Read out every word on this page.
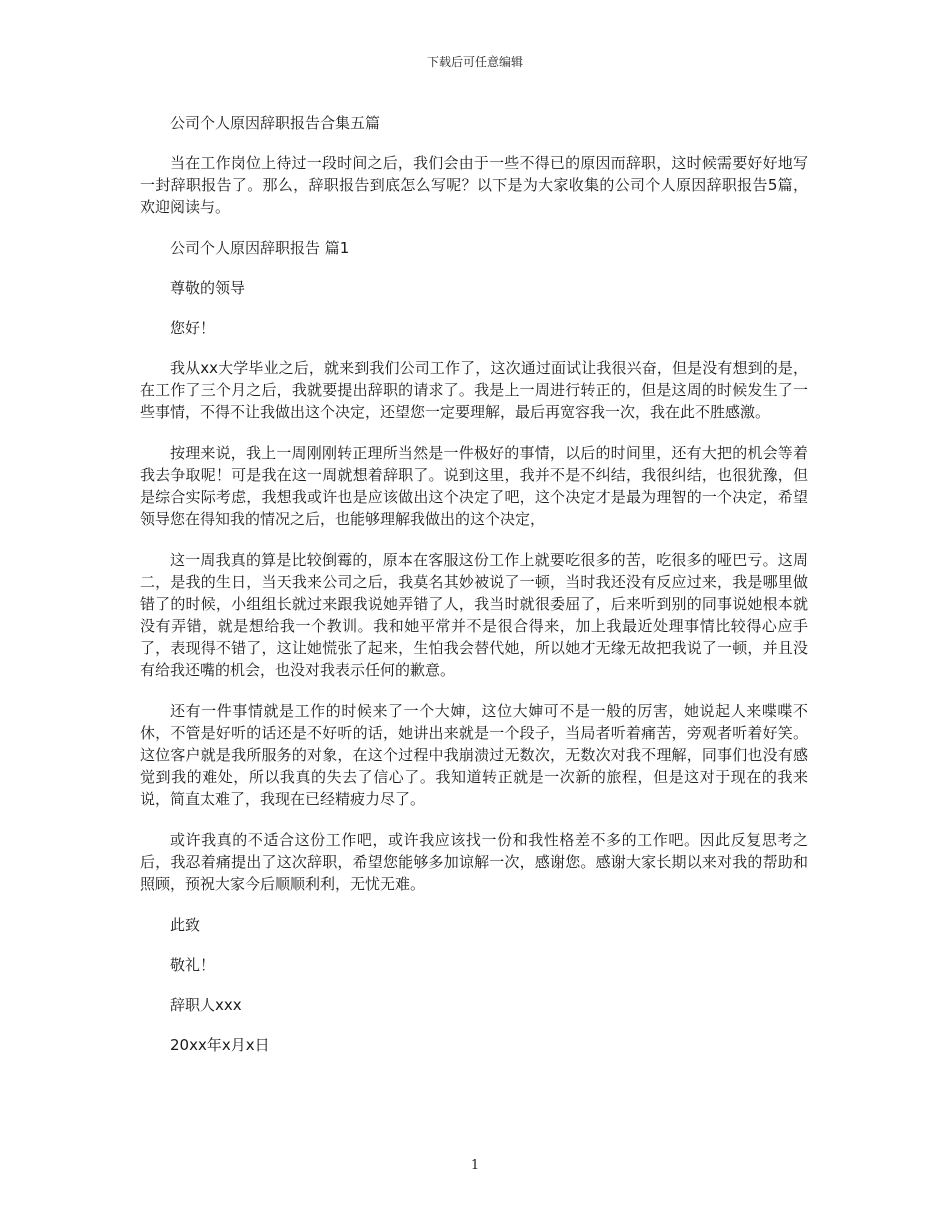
下载后可任意编辑

公司个人原因辞职报告合集五篇

当在工作岗位上待过一段时间之后，我们会由于一些不得已的原因而辞职，这时候需要好好地写一封辞职报告了。那么，辞职报告到底怎么写呢？以下是为大家收集的公司个人原因辞职报告5篇，欢迎阅读与。

公司个人原因辞职报告 篇1

尊敬的领导

您好！

我从xx大学毕业之后，就来到我们公司工作了，这次通过面试让我很兴奋，但是没有想到的是，在工作了三个月之后，我就要提出辞职的请求了。我是上一周进行转正的，但是这周的时候发生了一些事情，不得不让我做出这个决定，还望您一定要理解，最后再宽容我一次，我在此不胜感激。

按理来说，我上一周刚刚转正理所当然是一件极好的事情，以后的时间里，还有大把的机会等着我去争取呢！可是我在这一周就想着辞职了。说到这里，我并不是不纠结，我很纠结，也很犹豫，但是综合实际考虑，我想我或许也是应该做出这个决定了吧，这个决定才是最为理智的一个决定，希望领导您在得知我的情况之后，也能够理解我做出的这个决定，

这一周我真的算是比较倒霉的，原本在客服这份工作上就要吃很多的苦，吃很多的哑巴亏。这周二，是我的生日，当天我来公司之后，我莫名其妙被说了一顿，当时我还没有反应过来，我是哪里做错了的时候，小组组长就过来跟我说她弄错了人，我当时就很委屈了，后来听到别的同事说她根本就没有弄错，就是想给我一个教训。我和她平常并不是很合得来，加上我最近处理事情比较得心应手了，表现得不错了，这让她慌张了起来，生怕我会替代她，所以她才无缘无故把我说了一顿，并且没有给我还嘴的机会，也没对我表示任何的歉意。

还有一件事情就是工作的时候来了一个大婶，这位大婶可不是一般的厉害，她说起人来喋喋不休，不管是好听的话还是不好听的话，她讲出来就是一个段子，当局者听着痛苦，旁观者听着好笑。这位客户就是我所服务的对象，在这个过程中我崩溃过无数次，无数次对我不理解，同事们也没有感觉到我的难处，所以我真的失去了信心了。我知道转正就是一次新的旅程，但是这对于现在的我来说，简直太难了，我现在已经精疲力尽了。

或许我真的不适合这份工作吧，或许我应该找一份和我性格差不多的工作吧。因此反复思考之后，我忍着痛提出了这次辞职，希望您能够多加谅解一次，感谢您。感谢大家长期以来对我的帮助和照顾，预祝大家今后顺顺利利，无忧无难。

此致

敬礼！

辞职人xxx

20xx年x月x日

1
